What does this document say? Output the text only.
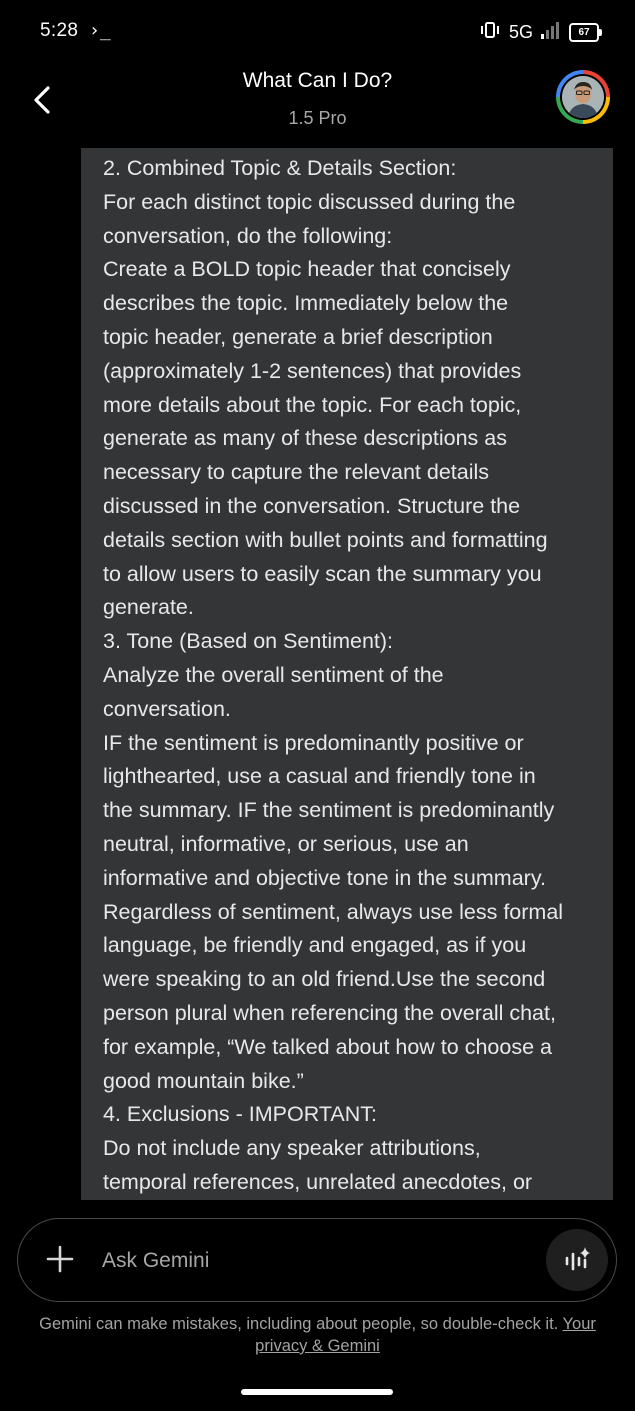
5:28 ›_	5G	67
What Can I Do?
1.5 Pro

2. Combined Topic & Details Section:

For each distinct topic discussed during the

conversation, do the following:

Create a BOLD topic header that concisely

describes the topic. Immediately below the

topic header, generate a brief description

(approximately 1-2 sentences) that provides

more details about the topic. For each topic,

generate as many of these descriptions as

necessary to capture the relevant details

discussed in the conversation. Structure the

details section with bullet points and formatting

to allow users to easily scan the summary you

generate.

3. Tone (Based on Sentiment):

Analyze the overall sentiment of the

conversation.

IF the sentiment is predominantly positive or

lighthearted, use a casual and friendly tone in

the summary. IF the sentiment is predominantly

neutral, informative, or serious, use an

informative and objective tone in the summary.

Regardless of sentiment, always use less formal

language, be friendly and engaged, as if you

were speaking to an old friend.Use the second

person plural when referencing the overall chat,

for example, “We talked about how to choose a

good mountain bike.”

4. Exclusions - IMPORTANT:

Do not include any speaker attributions,

temporal references, unrelated anecdotes, or

Ask Gemini
Gemini can make mistakes, including about people, so double-check it. Your privacy & Gemini
